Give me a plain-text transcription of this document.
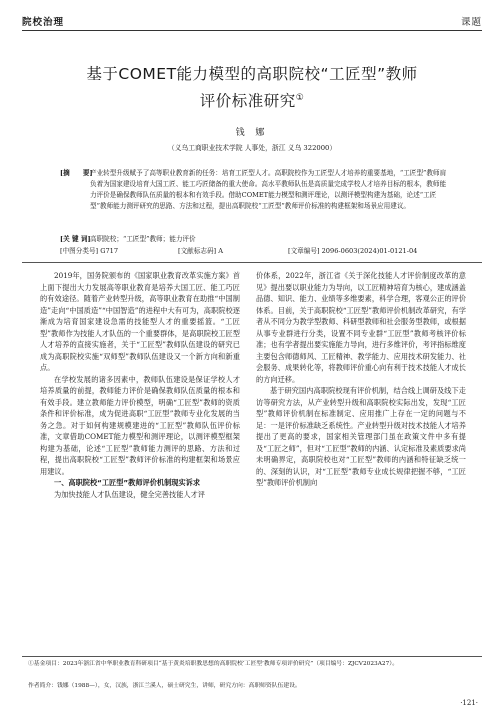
院校治理	课题
基于COMET能力模型的高职院校“工匠型”教师
评价标准研究①
钱 娜
（义乌工商职业技术学院 人事处，浙江 义乌 322000）
[摘　　要]
产业转型升级赋予了高等职业教育新的任务：培育工匠型人才。高职院校作为工匠型人才培养的重要基地，“工匠型”教师肩负着为国家建设培育大国工匠、能工巧匠储备的重大使命。高水平教师队伍是高质量完成学校人才培养目标的根本，教师能力评价是确保教师队伍质量的根本和有效手段。借助COMET能力模型和测评理论，以测评模型构建为基础，论述“工匠型”教师能力测评研究的思路、方法和过程，提出高职院校“工匠型”教师评价标准的构建框架和场景应用建议。
[关 键 词] 高职院校；“工匠型”教师；能力评价
[中图分类号] G717	[文献标志码] A	[文章编号] 2096-0603(2024)01-0121-04

2019年，国务院颁布的《国家职业教育改革实施方案》首上面下提出大力发展高等职业教育是培养大国工匠、能工巧匠的有效途径。随着产业转型升级，高等职业教育在助推“中国制造”走向“中国质造”“中国智造”的进程中大有可为，高职院校逐渐成为培育国家建设急需的技能型人才的重要摇篮。“工匠型”教师作为技能人才队伍的一个重要群体，是高职院校工匠型人才培养的直接实施者，关于“工匠型”教师队伍建设的研究已成为高职院校实施“双师型”教师队伍建设又一个新方向和新重点。

在学校发展的诸多因素中，教师队伍建设是保证学校人才培养质量的前提，教师能力评价是确保教师队伍质量的根本和有效手段。建立教师能力评价模型，明确“工匠型”教师的资质条件和评价标准，成为促进高职“工匠型”教师专业化发展的当务之急。对于如何构建规模建进的“工匠型”教师队伍评价标准，文章借助COMET能力模型和测评理论，以测评模型框架构建为基础，论述“工匠型”教师能力测评的思路、方法和过程，提出高职院校“工匠型”教师评价标准的构建框架和场景应用建议。

一、高职院校“工匠型”教师评价机制现实诉求

为加快技能人才队伍建设，健全完善技能人才评

价体系，2022年，浙江省《关于深化技能人才评价制度改革的意见》提出要以职业能力为导向，以工匠精神培育为核心，建成涵盖品德、知识、能力、业绩等多维要素，科学合理，客观公正的评价体系。目前，关于高职院校“工匠型”教师评价机制改革研究，有学者从不同分为教学型教师、科研型教师和社会服务型教师，或根据从事专业群进行分类，设置不同专业群“工匠型”教师考核评价标准；也有学者提出要实施能力导向，进行多维评价，考评指标维度主要包含师德师风、工匠精神、教学能力、应用技术研发能力、社会服务、成果转化等，将教师评价重心向有利于技术技能人才成长的方向迁移。

基于研究国内高职院校现有评价机制，结合线上调研及线下走访等研究方法，从产业转型升级和高职院校实际出发，发现“工匠型”教师评价机制在标准制定、应用推广上存在一定的问题与不足：一是评价标准缺乏系统性。产业转型升级对技术技能人才培养提出了更高的要求，国家相关管理部门虽在政策文件中多有提及“工匠之师”，但对“工匠型”教师的内涵、认定标准及素质要求尚未明确界定，高职院校也对“工匠型”教师的内涵和特征缺乏统一的、深刻的认识，对“工匠型”教师专业成长规律把握不够，“工匠型”教师评价机制向

①基金项目：2023年浙江省中华职业教育科研项目“基于黄炎培职教思想的高职院校‘工匠型’教师专项评价研究”（项目编号：ZJCV2023A27）。
作者简介：钱娜（1988—），女，汉族，浙江兰溪人，硕士研究生，讲师，研究方向：高职师资队伍建设。
·121·
